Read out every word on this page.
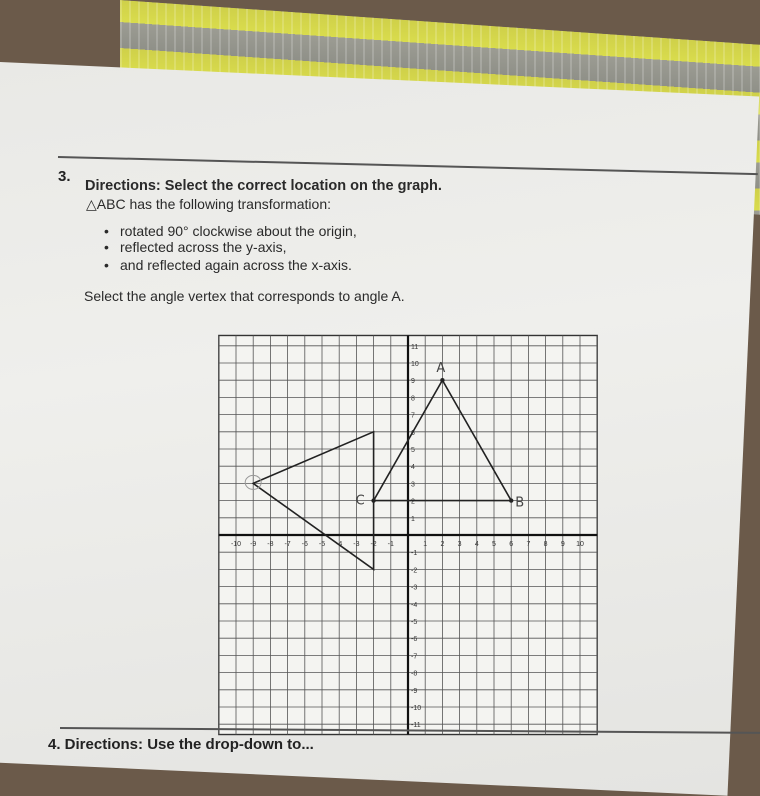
3.
Directions: Select the correct location on the graph.
△ABC has the following transformation:
• rotated 90° clockwise about the origin,
• reflected across the y-axis,
• and reflected again across the x-axis.
Select the angle vertex that corresponds to angle A.
-10 -9 -8 -7 -6 -5 -4 -3 -2 -1	1 2 3 4 5 6 7 8 9 10
11
10
9
8
7
6
5
4
3
2
1
-1
-2
-3
-4
-5
-6
-7
-8
-9
-10
-11
A
B
C
4. Directions: Use the drop-down to...
